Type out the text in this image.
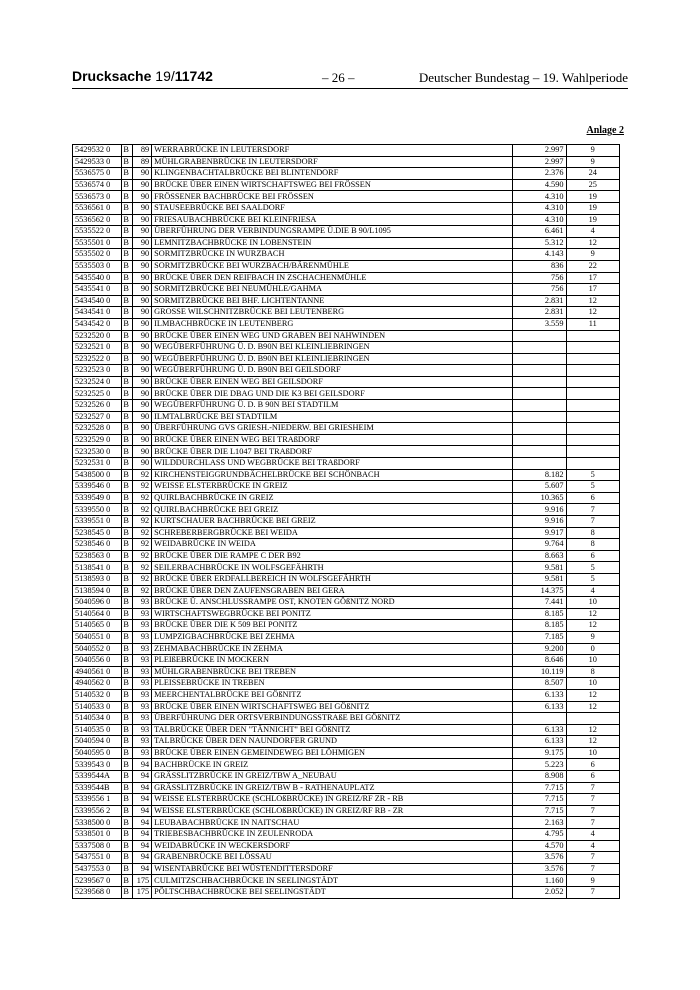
Drucksache 19/11742	– 26 –	Deutscher Bundestag – 19. Wahlperiode
Anlage 2
5429532 0	B	89	WERRABRÜCKE IN LEUTERSDORF	2.997	9
5429533 0	B	89	MÜHLGRABENBRÜCKE IN LEUTERSDORF	2.997	9
5536575 0	B	90	KLINGENBACHTALBRÜCKE BEI BLINTENDORF	2.376	24
5536574 0	B	90	BRÜCKE ÜBER EINEN WIRTSCHAFTSWEG BEI FRÖSSEN	4.590	25
5536573 0	B	90	FRÖSSENER BACHBRÜCKE BEI FRÖSSEN	4.310	19
5536561 0	B	90	STAUSEEBRÜCKE BEI SAALDORF	4.310	19
5536562 0	B	90	FRIESAUBACHBRÜCKE BEI KLEINFRIESA	4.310	19
5535522 0	B	90	ÜBERFÜHRUNG DER VERBINDUNGSRAMPE Ü.DIE B 90/L1095	6.461	4
5535501 0	B	90	LEMNITZBACHBRÜCKE IN LOBENSTEIN	5.312	12
5535502 0	B	90	SORMITZBRÜCKE IN WURZBACH	4.143	9
5535503 0	B	90	SORMITZBRÜCKE BEI WURZBACH/BÄRENMÜHLE	836	22
5435540 0	B	90	BRÜCKE ÜBER DEN REIFBACH IN ZSCHACHENMÜHLE	756	17
5435541 0	B	90	SORMITZBRÜCKE BEI NEUMÜHLE/GAHMA	756	17
5434540 0	B	90	SORMITZBRÜCKE BEI BHF. LICHTENTANNE	2.831	12
5434541 0	B	90	GROSSE WILSCHNITZBRÜCKE BEI LEUTENBERG	2.831	12
5434542 0	B	90	ILMBACHBRÜCKE IN LEUTENBERG	3.559	11
5232520 0	B	90	BRÜCKE ÜBER EINEN WEG UND GRABEN BEI NAHWINDEN		
5232521 0	B	90	WEGÜBERFÜHRUNG Ü. D. B90N BEI KLEINLIEBRINGEN		
5232522 0	B	90	WEGÜBERFÜHRUNG Ü. D. B90N BEI KLEINLIEBRINGEN		
5232523 0	B	90	WEGÜBERFÜHRUNG Ü. D. B90N BEI GEILSDORF		
5232524 0	B	90	BRÜCKE ÜBER EINEN WEG BEI GEILSDORF		
5232525 0	B	90	BRÜCKE ÜBER DIE DBAG UND DIE K3 BEI GEILSDORF		
5232526 0	B	90	WEGÜBERFÜHRUNG Ü. D. B 90N BEI STADTILM		
5232527 0	B	90	ILMTALBRÜCKE BEI STADTILM		
5232528 0	B	90	ÜBERFÜHRUNG GVS GRIESH.-NIEDERW. BEI GRIESHEIM		
5232529 0	B	90	BRÜCKE ÜBER EINEN WEG BEI TRAßDORF		
5232530 0	B	90	BRÜCKE ÜBER DIE L1047 BEI TRAßDORF		
5232531 0	B	90	WILDDURCHLASS UND WEGBRÜCKE BEI TRAßDORF		
5438500 0	B	92	KIRCHENSTEIGGRUNDBÄCHELBRÜCKE BEI SCHÖNBACH	8.182	5
5339546 0	B	92	WEISSE ELSTERBRÜCKE IN GREIZ	5.607	5
5339549 0	B	92	QUIRLBACHBRÜCKE IN GREIZ	10.365	6
5339550 0	B	92	QUIRLBACHBRÜCKE BEI GREIZ	9.916	7
5339551 0	B	92	KURTSCHAUER BACHBRÜCKE BEI GREIZ	9.916	7
5238545 0	B	92	SCHREBERBERGBRÜCKE BEI WEIDA	9.917	8
5238546 0	B	92	WEIDABRÜCKE IN WEIDA	9.764	8
5238563 0	B	92	BRÜCKE ÜBER DIE RAMPE C DER B92	8.663	6
5138541 0	B	92	SEILERBACHBRÜCKE IN WOLFSGEFÄHRTH	9.581	5
5138593 0	B	92	BRÜCKE ÜBER ERDFALLBEREICH IN WOLFSGEFÄHRTH	9.581	5
5138594 0	B	92	BRÜCKE ÜBER DEN ZAUFENSGRABEN BEI GERA	14.375	4
5040596 0	B	93	BRÜCKE Ü. ANSCHLUSSRAMPE OST, KNOTEN GÖßNITZ NORD	7.441	10
5140564 0	B	93	WIRTSCHAFTSWEGBRÜCKE BEI PONITZ	8.185	12
5140565 0	B	93	BRÜCKE ÜBER DIE K 509 BEI PONITZ	8.185	12
5040551 0	B	93	LUMPZIGBACHBRÜCKE BEI ZEHMA	7.185	9
5040552 0	B	93	ZEHMABACHBRÜCKE IN ZEHMA	9.200	0
5040556 0	B	93	PLEIßEBRÜCKE IN MOCKERN	8.646	10
4940561 0	B	93	MÜHLGRABENBRÜCKE BEI TREBEN	10.119	8
4940562 0	B	93	PLEISSEBRÜCKE IN TREBEN	8.507	10
5140532 0	B	93	MEERCHENTALBRÜCKE BEI GÖßNITZ	6.133	12
5140533 0	B	93	BRÜCKE ÜBER EINEN WIRTSCHAFTSWEG BEI GÖßNITZ	6.133	12
5140534 0	B	93	ÜBERFÜHRUNG DER ORTSVERBINDUNGSSTRAßE BEI GÖßNITZ		
5140535 0	B	93	TALBRÜCKE ÜBER DEN "TÄNNICHT" BEI GÖßNITZ	6.133	12
5040594 0	B	93	TALBRÜCKE ÜBER DEN NAUNDORFER GRUND	6.133	12
5040595 0	B	93	BRÜCKE ÜBER EINEN GEMEINDEWEG BEI LÖHMIGEN	9.175	10
5339543 0	B	94	BACHBRÜCKE IN GREIZ	5.223	6
5339544A	B	94	GRÄSSLITZBRÜCKE IN GREIZ/TBW A_NEUBAU	8.908	6
5339544B	B	94	GRÄSSLITZBRÜCKE IN GREIZ/TBW B - RATHENAUPLATZ	7.715	7
5339556 1	B	94	WEISSE ELSTERBRÜCKE (SCHLOßBRÜCKE) IN GREIZ/RF ZR - RB	7.715	7
5339556 2	B	94	WEISSE ELSTERBRÜCKE (SCHLOßBRÜCKE) IN GREIZ/RF RB - ZR	7.715	7
5338500 0	B	94	LEUBABACHBRÜCKE IN NAITSCHAU	2.163	7
5338501 0	B	94	TRIEBESBACHBRÜCKE IN ZEULENRODA	4.795	4
5337508 0	B	94	WEIDABRÜCKE IN WECKERSDORF	4.570	4
5437551 0	B	94	GRABENBRÜCKE BEI LÖSSAU	3.576	7
5437553 0	B	94	WISENTABRÜCKE BEI WÜSTENDITTERSDORF	3.576	7
5239567 0	B	175	CULMITZSCHBACHBRÜCKE IN SEELINGSTÄDT	1.160	9
5239568 0	B	175	PÖLTSCHBACHBRÜCKE BEI SEELINGSTÄDT	2.052	7
